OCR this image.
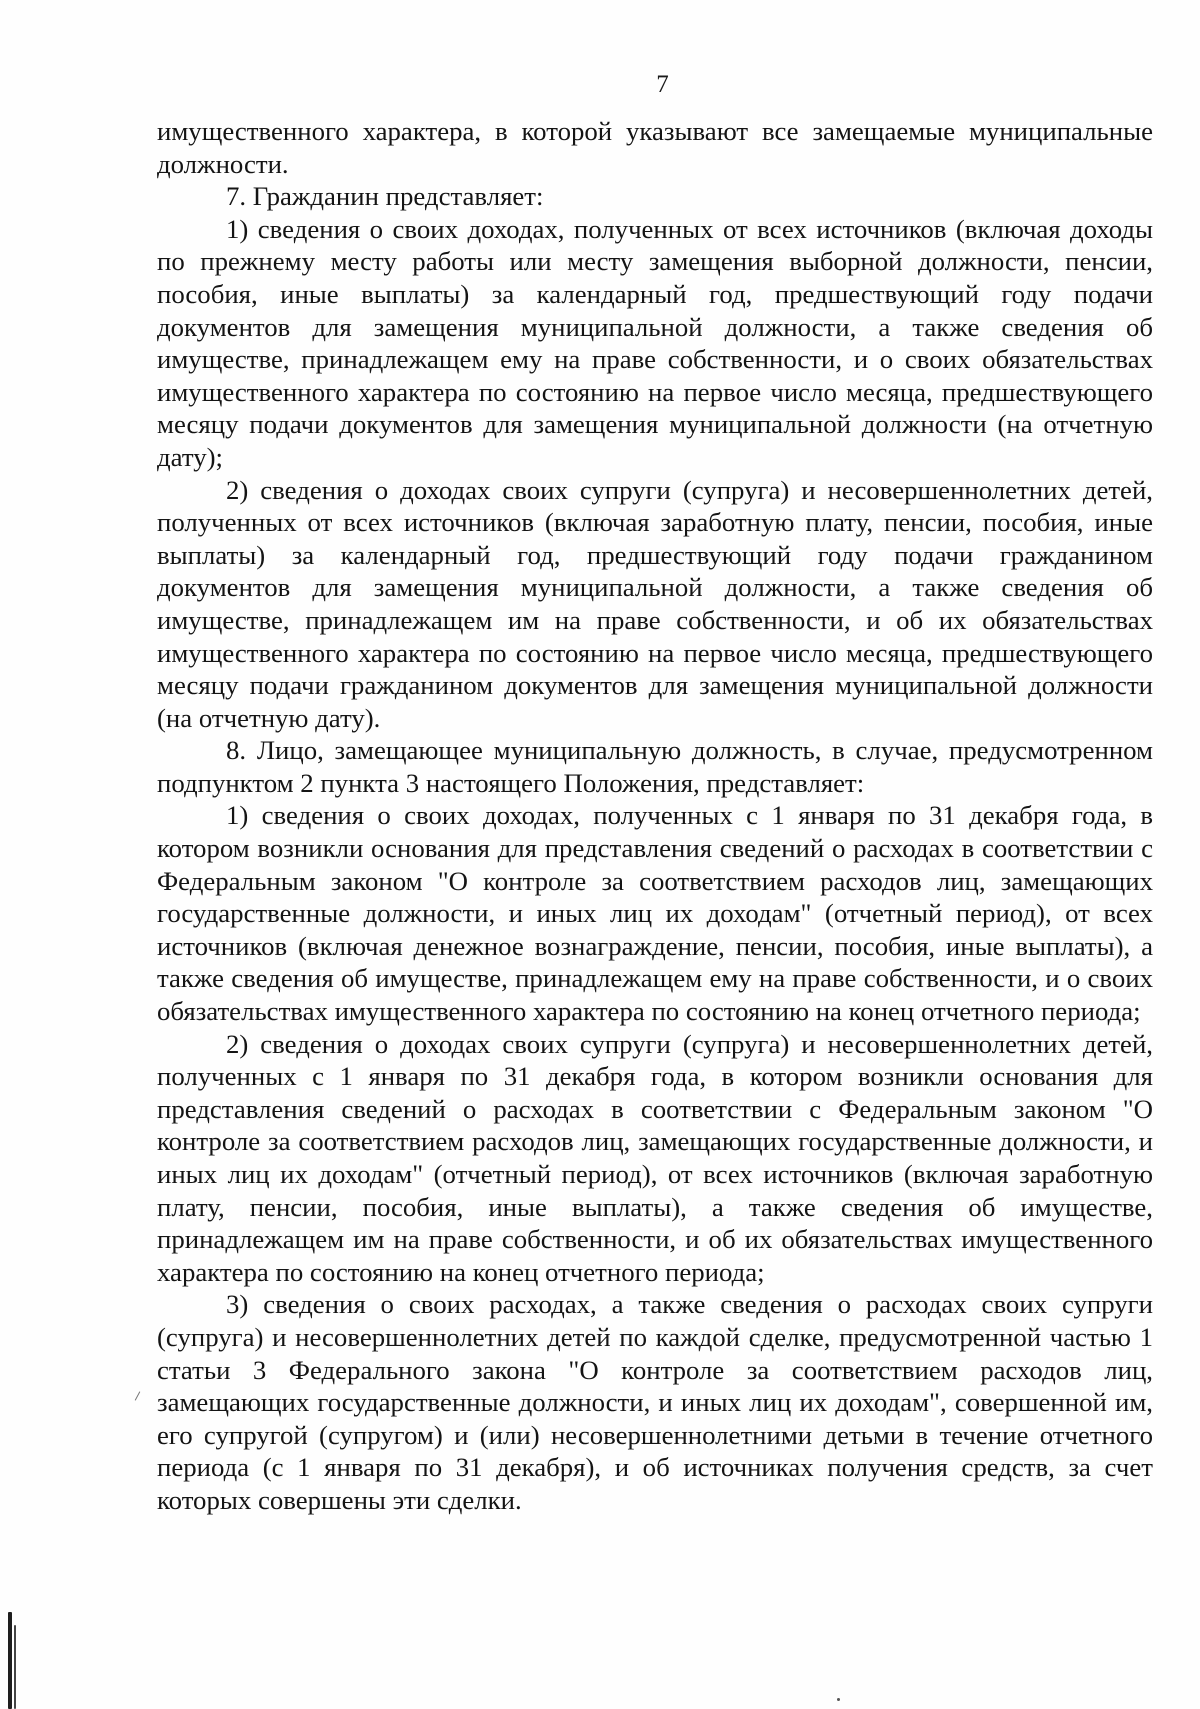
7

имущественного характера, в которой указывают все замещаемые муниципальные должности.

7. Гражданин представляет:

1) сведения о своих доходах, полученных от всех источников (включая доходы по прежнему месту работы или месту замещения выборной должности, пенсии, пособия, иные выплаты) за календарный год, предшествующий году подачи документов для замещения муниципальной должности, а также сведения об имуществе, принадлежащем ему на праве собственности, и о своих обязательствах имущественного характера по состоянию на первое число месяца, предшествующего месяцу подачи документов для замещения муниципальной должности (на отчетную дату);

2) сведения о доходах своих супруги (супруга) и несовершеннолетних детей, полученных от всех источников (включая заработную плату, пенсии, пособия, иные выплаты) за календарный год, предшествующий году подачи гражданином документов для замещения муниципальной должности, а также сведения об имуществе, принадлежащем им на праве собственности, и об их обязательствах имущественного характера по состоянию на первое число месяца, предшествующего месяцу подачи гражданином документов для замещения муниципальной должности (на отчетную дату).

8. Лицо, замещающее муниципальную должность, в случае, предусмотренном подпунктом 2 пункта 3 настоящего Положения, представляет:

1) сведения о своих доходах, полученных с 1 января по 31 декабря года, в котором возникли основания для представления сведений о расходах в соответствии с Федеральным законом "О контроле за соответствием расходов лиц, замещающих государственные должности, и иных лиц их доходам" (отчетный период), от всех источников (включая денежное вознаграждение, пенсии, пособия, иные выплаты), а также сведения об имуществе, принадлежащем ему на праве собственности, и о своих обязательствах имущественного характера по состоянию на конец отчетного периода;

2) сведения о доходах своих супруги (супруга) и несовершеннолетних детей, полученных с 1 января по 31 декабря года, в котором возникли основания для представления сведений о расходах в соответствии с Федеральным законом "О контроле за соответствием расходов лиц, замещающих государственные должности, и иных лиц их доходам" (отчетный период), от всех источников (включая заработную плату, пенсии, пособия, иные выплаты), а также сведения об имуществе, принадлежащем им на праве собственности, и об их обязательствах имущественного характера по состоянию на конец отчетного периода;

3) сведения о своих расходах, а также сведения о расходах своих супруги (супруга) и несовершеннолетних детей по каждой сделке, предусмотренной частью 1 статьи 3 Федерального закона "О контроле за соответствием расходов лиц, замещающих государственные должности, и иных лиц их доходам", совершенной им, его супругой (супругом) и (или) несовершеннолетними детьми в течение отчетного периода (с 1 января по 31 декабря), и об источниках получения средств, за счет которых совершены эти сделки.
